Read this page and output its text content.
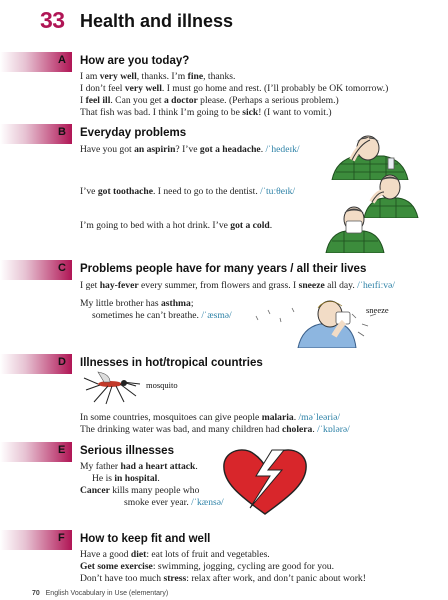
33 Health and illness
A How are you today?
I am very well, thanks. I’m fine, thanks.
I don’t feel very well. I must go home and rest. (I’ll probably be OK tomorrow.)
I feel ill. Can you get a doctor please. (Perhaps a serious problem.)
That fish was bad. I think I’m going to be sick! (I want to vomit.)
B Everyday problems
Have you got an aspirin? I’ve got a headache. /ˈhedeɪk/
I’ve got toothache. I need to go to the dentist. /ˈtuːθeɪk/
I’m going to bed with a hot drink. I’ve got a cold.
C Problems people have for many years / all their lives
I get hay-fever every summer, from flowers and grass. I sneeze all day. /ˈheɪfiːvə/
My little brother has asthma;
sometimes he can’t breathe. /ˈæsmə/	sneeze
D Illnesses in hot/tropical countries
mosquito
In some countries, mosquitoes can give people malaria. /məˈleəriə/
The drinking water was bad, and many children had cholera. /ˈkɒlərə/
E Serious illnesses
My father had a heart attack.
He is in hospital.
Cancer kills many people who
smoke ever year. /ˈkænsə/
F How to keep fit and well
Have a good diet: eat lots of fruit and vegetables.
Get some exercise: swimming, jogging, cycling are good for you.
Don’t have too much stress: relax after work, and don’t panic about work!
70 English Vocabulary in Use (elementary)
